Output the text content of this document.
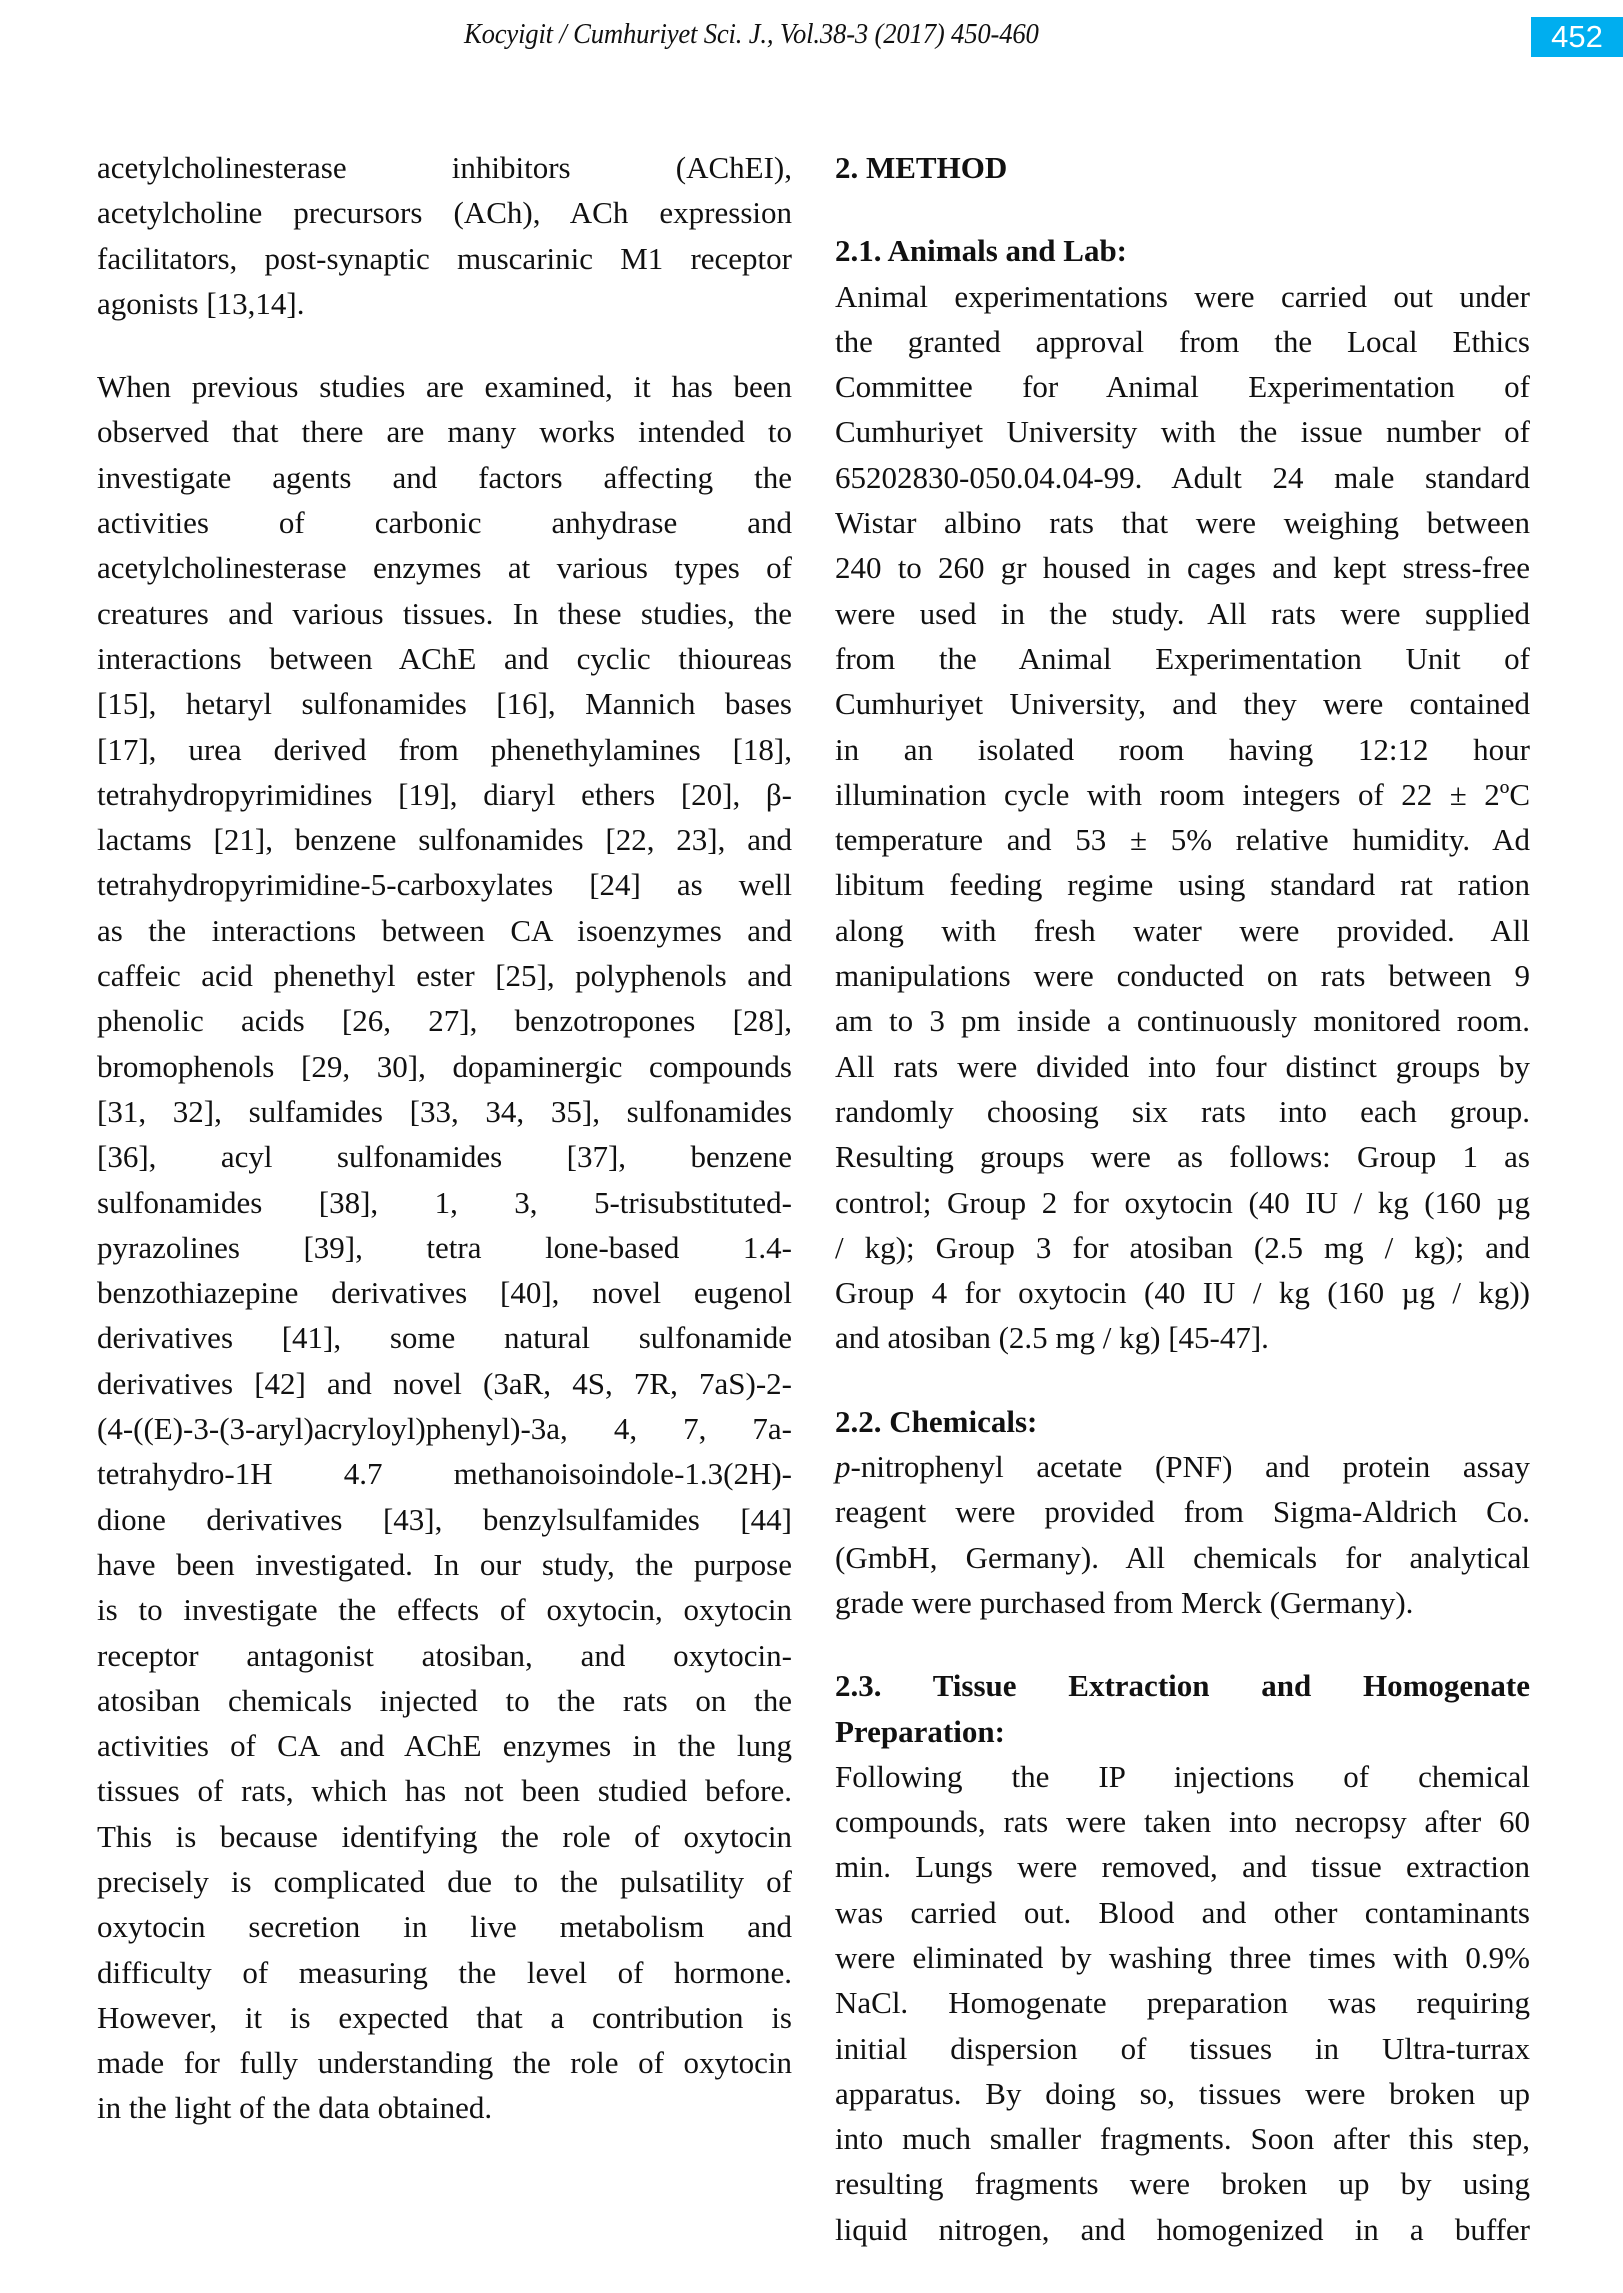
Kocyigit / Cumhuriyet Sci. J., Vol.38-3 (2017) 450-460	452
acetylcholinesterase inhibitors (AChEI),
acetylcholine precursors (ACh), ACh expression
facilitators, post-synaptic muscarinic M1 receptor
agonists [13,14].
When previous studies are examined, it has been
observed that there are many works intended to
investigate agents and factors affecting the
activities of carbonic anhydrase and
acetylcholinesterase enzymes at various types of
creatures and various tissues. In these studies, the
interactions between AChE and cyclic thioureas
[15], hetaryl sulfonamides [16], Mannich bases
[17], urea derived from phenethylamines [18],
tetrahydropyrimidines [19], diaryl ethers [20], β-
lactams [21], benzene sulfonamides [22, 23], and
tetrahydropyrimidine-5-carboxylates [24] as well
as the interactions between CA isoenzymes and
caffeic acid phenethyl ester [25], polyphenols and
phenolic acids [26, 27], benzotropones [28],
bromophenols [29, 30], dopaminergic compounds
[31, 32], sulfamides [33, 34, 35], sulfonamides
[36], acyl sulfonamides [37], benzene
sulfonamides [38], 1, 3, 5-trisubstituted-
pyrazolines [39], tetra lone-based 1.4-
benzothiazepine derivatives [40], novel eugenol
derivatives [41], some natural sulfonamide
derivatives [42] and novel (3aR, 4S, 7R, 7aS)-2-
(4-((E)-3-(3-aryl)acryloyl)phenyl)-3a, 4, 7, 7a-
tetrahydro-1H 4.7 methanoisoindole-1.3(2H)-
dione derivatives [43], benzylsulfamides [44]
have been investigated. In our study, the purpose
is to investigate the effects of oxytocin, oxytocin
receptor antagonist atosiban, and oxytocin-
atosiban chemicals injected to the rats on the
activities of CA and AChE enzymes in the lung
tissues of rats, which has not been studied before.
This is because identifying the role of oxytocin
precisely is complicated due to the pulsatility of
oxytocin secretion in live metabolism and
difficulty of measuring the level of hormone.
However, it is expected that a contribution is
made for fully understanding the role of oxytocin
in the light of the data obtained.
2. METHOD
2.1. Animals and Lab:
Animal experimentations were carried out under
the granted approval from the Local Ethics
Committee for Animal Experimentation of
Cumhuriyet University with the issue number of
65202830-050.04.04-99. Adult 24 male standard
Wistar albino rats that were weighing between
240 to 260 gr housed in cages and kept stress-free
were used in the study. All rats were supplied
from the Animal Experimentation Unit of
Cumhuriyet University, and they were contained
in an isolated room having 12:12 hour
illumination cycle with room integers of 22 ± 2ºC
temperature and 53 ± 5% relative humidity. Ad
libitum feeding regime using standard rat ration
along with fresh water were provided. All
manipulations were conducted on rats between 9
am to 3 pm inside a continuously monitored room.
All rats were divided into four distinct groups by
randomly choosing six rats into each group.
Resulting groups were as follows: Group 1 as
control; Group 2 for oxytocin (40 IU / kg (160 µg
/ kg); Group 3 for atosiban (2.5 mg / kg); and
Group 4 for oxytocin (40 IU / kg (160 µg / kg))
and atosiban (2.5 mg / kg) [45-47].
2.2. Chemicals:
p-nitrophenyl acetate (PNF) and protein assay
reagent were provided from Sigma-Aldrich Co.
(GmbH, Germany). All chemicals for analytical
grade were purchased from Merck (Germany).
2.3. Tissue Extraction and Homogenate
Preparation:
Following the IP injections of chemical
compounds, rats were taken into necropsy after 60
min. Lungs were removed, and tissue extraction
was carried out. Blood and other contaminants
were eliminated by washing three times with 0.9%
NaCl. Homogenate preparation was requiring
initial dispersion of tissues in Ultra-turrax
apparatus. By doing so, tissues were broken up
into much smaller fragments. Soon after this step,
resulting fragments were broken up by using
liquid nitrogen, and homogenized in a buffer
